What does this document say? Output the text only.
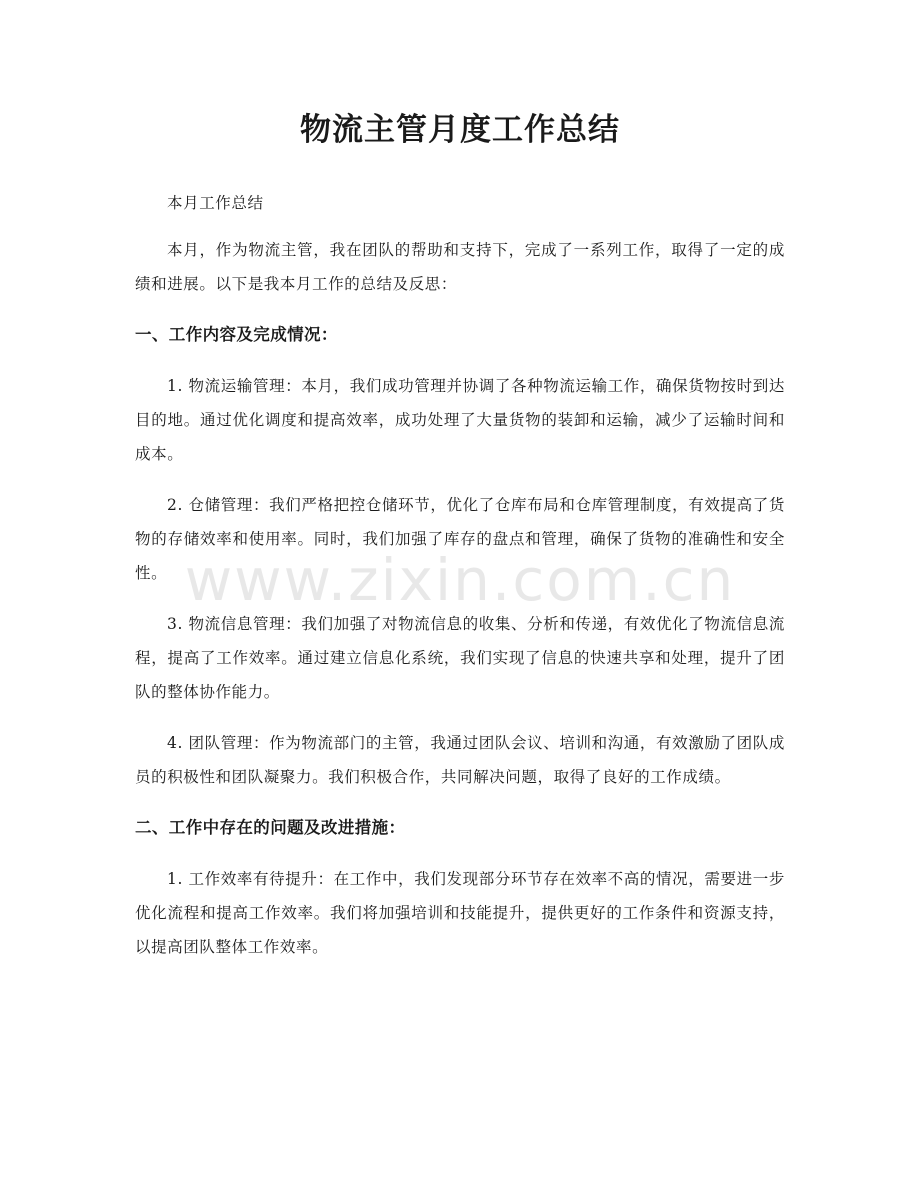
物流主管月度工作总结

本月工作总结

本月，作为物流主管，我在团队的帮助和支持下，完成了一系列工作，取得了一定的成绩和进展。以下是我本月工作的总结及反思：

一、工作内容及完成情况：

1. 物流运输管理：本月，我们成功管理并协调了各种物流运输工作，确保货物按时到达目的地。通过优化调度和提高效率，成功处理了大量货物的装卸和运输，减少了运输时间和成本。

2. 仓储管理：我们严格把控仓储环节，优化了仓库布局和仓库管理制度，有效提高了货物的存储效率和使用率。同时，我们加强了库存的盘点和管理，确保了货物的准确性和安全性。

3. 物流信息管理：我们加强了对物流信息的收集、分析和传递，有效优化了物流信息流程，提高了工作效率。通过建立信息化系统，我们实现了信息的快速共享和处理，提升了团队的整体协作能力。

4. 团队管理：作为物流部门的主管，我通过团队会议、培训和沟通，有效激励了团队成员的积极性和团队凝聚力。我们积极合作，共同解决问题，取得了良好的工作成绩。

二、工作中存在的问题及改进措施：

1. 工作效率有待提升：在工作中，我们发现部分环节存在效率不高的情况，需要进一步优化流程和提高工作效率。我们将加强培训和技能提升，提供更好的工作条件和资源支持，以提高团队整体工作效率。

www.zixin.com.cn
